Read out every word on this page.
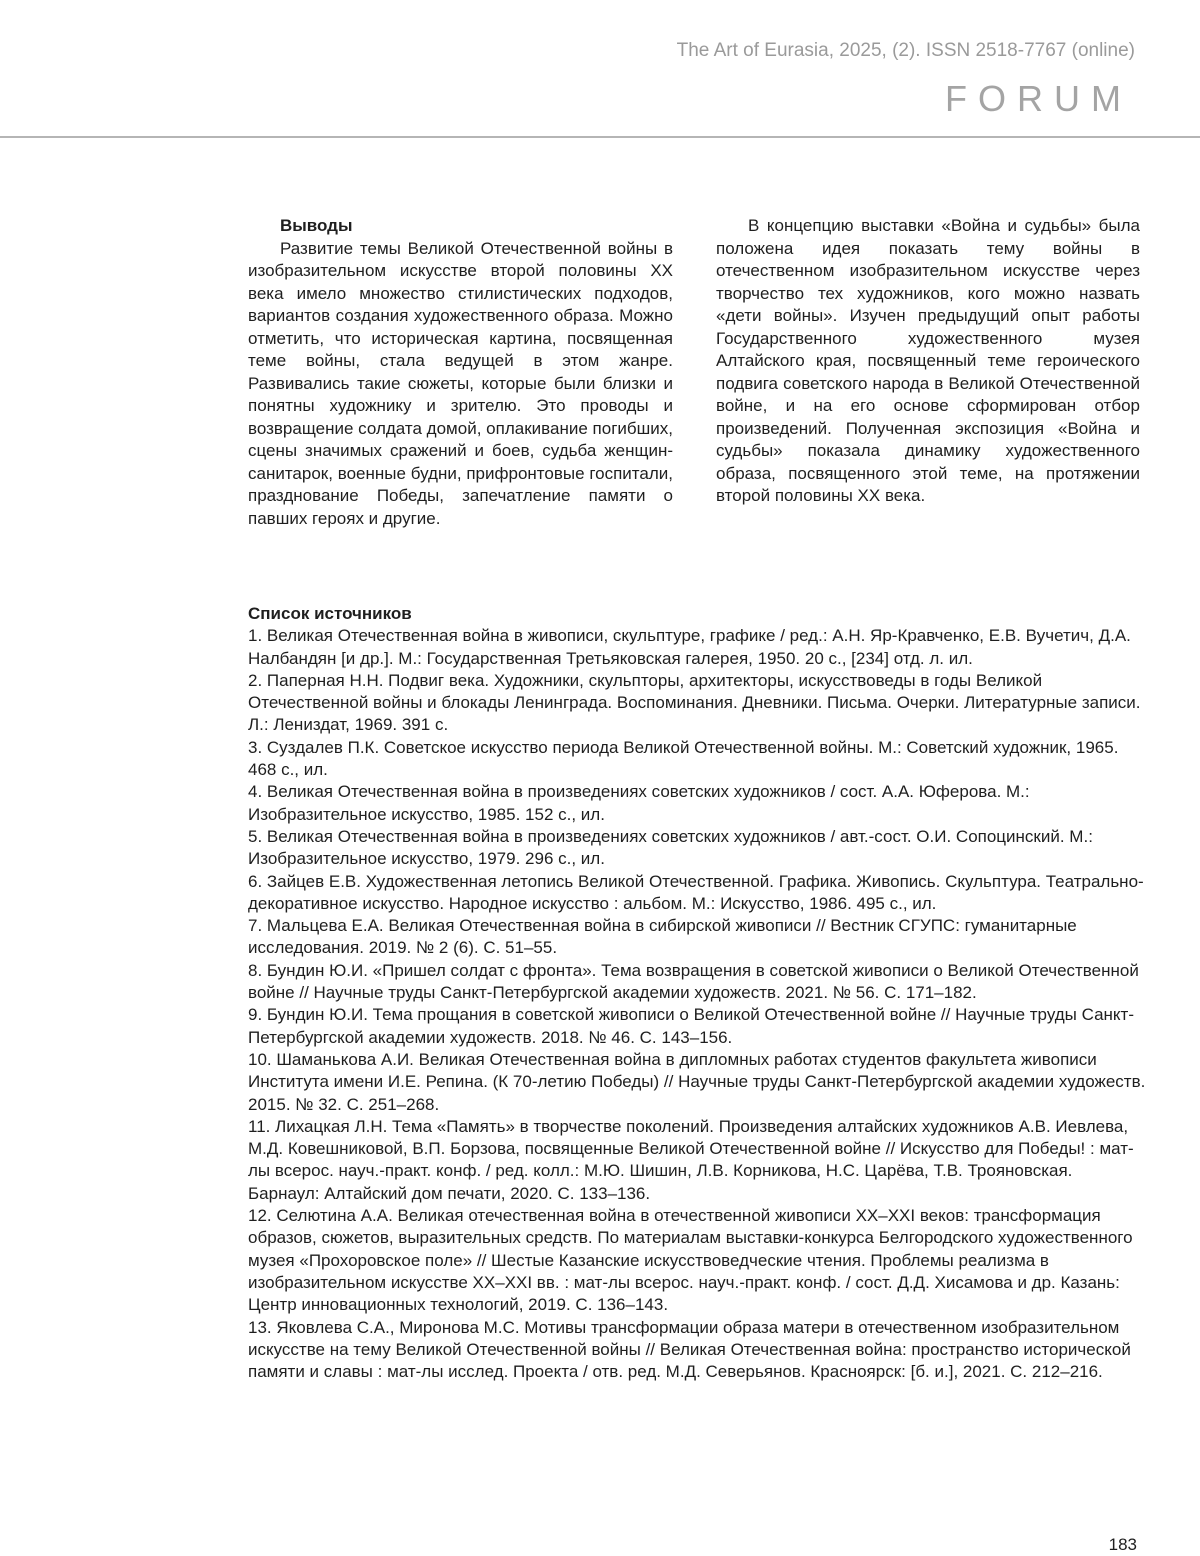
The Art of Eurasia, 2025, (2). ISSN 2518-7767 (online)
FORUM
Выводы

Развитие темы Великой Отечественной войны в изобразительном искусстве второй половины XX века имело множество стилистических подходов, вариантов создания художественного образа. Можно отметить, что историческая картина, посвященная теме войны, стала ведущей в этом жанре. Развивались такие сюжеты, которые были близки и понятны художнику и зрителю. Это проводы и возвращение солдата домой, оплакивание погибших, сцены значимых сражений и боев, судьба женщин-санитарок, военные будни, прифронтовые госпитали, празднование Победы, запечатление памяти о павших героях и другие.

В концепцию выставки «Война и судьбы» была положена идея показать тему войны в отечественном изобразительном искусстве через творчество тех художников, кого можно назвать «дети войны». Изучен предыдущий опыт работы Государственного художественного музея Алтайского края, посвященный теме героического подвига советского народа в Великой Отечественной войне, и на его основе сформирован отбор произведений. Полученная экспозиция «Война и судьбы» показала динамику художественного образа, посвященного этой теме, на протяжении второй половины XX века.

Список источников
1. Великая Отечественная война в живописи, скульптуре, графике / ред.: А.Н. Яр-Кравченко, Е.В. Вучетич, Д.А. Налбандян [и др.]. М.: Государственная Третьяковская галерея, 1950. 20 с., [234] отд. л. ил.
2. Паперная Н.Н. Подвиг века. Художники, скульпторы, архитекторы, искусствоведы в годы Великой Отечественной войны и блокады Ленинграда. Воспоминания. Дневники. Письма. Очерки. Литературные записи. Л.: Лениздат, 1969. 391 с.
3. Суздалев П.К. Советское искусство периода Великой Отечественной войны. М.: Советский художник, 1965. 468 с., ил.
4. Великая Отечественная война в произведениях советских художников / сост. А.А. Юферова. М.: Изобразительное искусство, 1985. 152 с., ил.
5. Великая Отечественная война в произведениях советских художников / авт.-сост. О.И. Сопоцинский. М.: Изобразительное искусство, 1979. 296 с., ил.
6. Зайцев Е.В. Художественная летопись Великой Отечественной. Графика. Живопись. Скульптура. Театрально-декоративное искусство. Народное искусство : альбом. М.: Искусство, 1986. 495 с., ил.
7. Мальцева Е.А. Великая Отечественная война в сибирской живописи // Вестник СГУПС: гуманитарные исследования. 2019. № 2 (6). С. 51–55.
8. Бундин Ю.И. «Пришел солдат с фронта». Тема возвращения в советской живописи о Великой Отечественной войне // Научные труды Санкт-Петербургской академии художеств. 2021. № 56. С. 171–182.
9. Бундин Ю.И. Тема прощания в советской живописи о Великой Отечественной войне // Научные труды Санкт-Петербургской академии художеств. 2018. № 46. С. 143–156.
10. Шаманькова А.И. Великая Отечественная война в дипломных работах студентов факультета живописи Института имени И.Е. Репина. (К 70-летию Победы) // Научные труды Санкт-Петербургской академии художеств. 2015. № 32. С. 251–268.
11. Лихацкая Л.Н. Тема «Память» в творчестве поколений. Произведения алтайских художников А.В. Иевлева, М.Д. Ковешниковой, В.П. Борзова, посвященные Великой Отечественной войне // Искусство для Победы! : мат-лы всерос. науч.-практ. конф. / ред. колл.: М.Ю. Шишин, Л.В. Корникова, Н.С. Царёва, Т.В. Трояновская. Барнаул: Алтайский дом печати, 2020. С. 133–136.
12. Селютина А.А. Великая отечественная война в отечественной живописи XX–XXI веков: трансформация образов, сюжетов, выразительных средств. По материалам выставки-конкурса Белгородского художественного музея «Прохоровское поле» // Шестые Казанские искусствоведческие чтения. Проблемы реализма в изобразительном искусстве XX–XXI вв. : мат-лы всерос. науч.-практ. конф. / сост. Д.Д. Хисамова и др. Казань: Центр инновационных технологий, 2019. С. 136–143.
13. Яковлева С.А., Миронова М.С. Мотивы трансформации образа матери в отечественном изобразительном искусстве на тему Великой Отечественной войны // Великая Отечественная война: пространство исторической памяти и славы : мат-лы исслед. Проекта / отв. ред. М.Д. Северьянов. Красноярск: [б. и.], 2021. С. 212–216.
183
